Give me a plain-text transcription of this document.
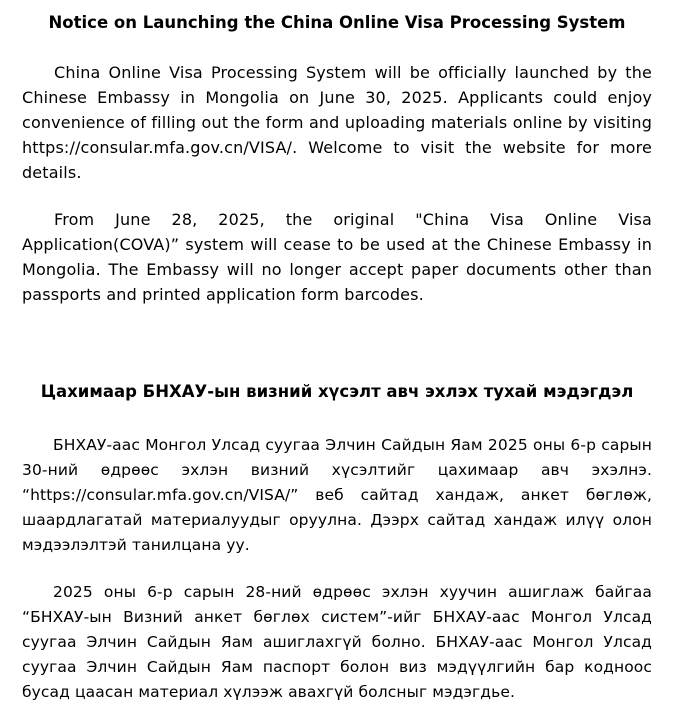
Notice on Launching the China Online Visa Processing System

China Online Visa Processing System will be officially launched by the Chinese Embassy in Mongolia on June 30, 2025. Applicants could enjoy convenience of filling out the form and uploading materials online by visiting https://consular.mfa.gov.cn/VISA/. Welcome to visit the website for more details.

From June 28, 2025, the original "China Visa Online Visa Application(COVA)” system will cease to be used at the Chinese Embassy in Mongolia. The Embassy will no longer accept paper documents other than passports and printed application form barcodes.

Цахимаар БНХАУ-ын визний хүсэлт авч эхлэх тухай мэдэгдэл

БНХАУ-аас Монгол Улсад суугаа Элчин Сайдын Яам 2025 оны 6-р сарын 30-ний өдрөөс эхлэн визний хүсэлтийг цахимаар авч эхэлнэ. “https://consular.mfa.gov.cn/VISA/” веб сайтад хандаж, анкет бөглөж, шаардлагатай материалуудыг оруулна. Дээрх сайтад хандаж илүү олон мэдээлэлтэй танилцана уу.

2025 оны 6-р сарын 28-ний өдрөөс эхлэн хуучин ашиглаж байгаа “БНХАУ-ын Визний анкет бөглөх систем”-ийг БНХАУ-аас Монгол Улсад суугаа Элчин Сайдын Яам ашиглахгүй болно. БНХАУ-аас Монгол Улсад суугаа Элчин Сайдын Яам паспорт болон виз мэдүүлгийн бар кодноос бусад цаасан материал хүлээж авахгүй болсныг мэдэгдье.
